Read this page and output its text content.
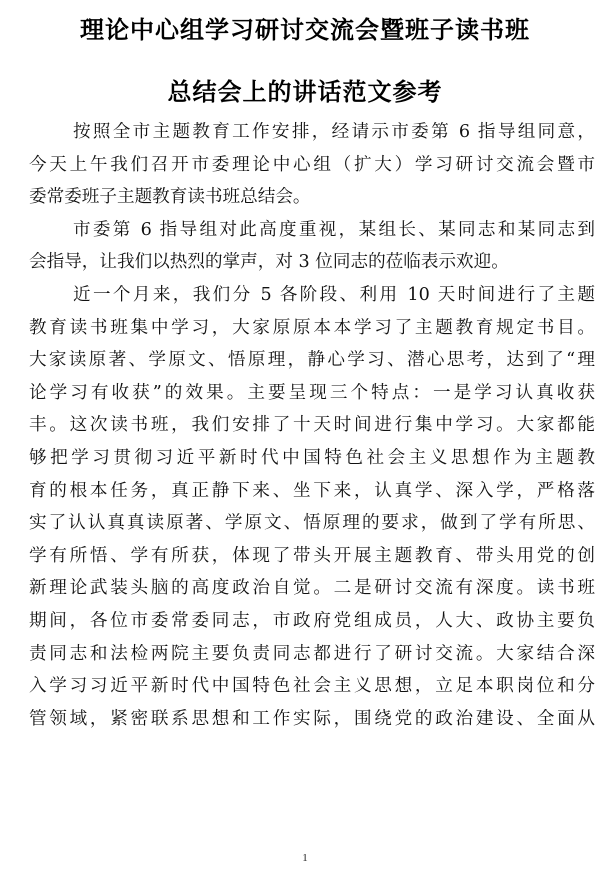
理论中心组学习研讨交流会暨班子读书班
总结会上的讲话范文参考
按照全市主题教育工作安排，经请示市委第 6 指导组同意，
今天上午我们召开市委理论中心组（扩大）学习研讨交流会暨市
委常委班子主题教育读书班总结会。
市委第 6 指导组对此高度重视，某组长、某同志和某同志到
会指导，让我们以热烈的掌声，对 3 位同志的莅临表示欢迎。
近一个月来，我们分 5 各阶段、利用 10 天时间进行了主题
教育读书班集中学习，大家原原本本学习了主题教育规定书目。
大家读原著、学原文、悟原理，静心学习、潜心思考，达到了“理
论学习有收获”的效果。主要呈现三个特点：一是学习认真收获
丰。这次读书班，我们安排了十天时间进行集中学习。大家都能
够把学习贯彻习近平新时代中国特色社会主义思想作为主题教
育的根本任务，真正静下来、坐下来，认真学、深入学，严格落
实了认认真真读原著、学原文、悟原理的要求，做到了学有所思、
学有所悟、学有所获，体现了带头开展主题教育、带头用党的创
新理论武装头脑的高度政治自觉。二是研讨交流有深度。读书班
期间，各位市委常委同志，市政府党组成员，人大、政协主要负
责同志和法检两院主要负责同志都进行了研讨交流。大家结合深
入学习习近平新时代中国特色社会主义思想，立足本职岗位和分
管领域，紧密联系思想和工作实际，围绕党的政治建设、全面从
1
